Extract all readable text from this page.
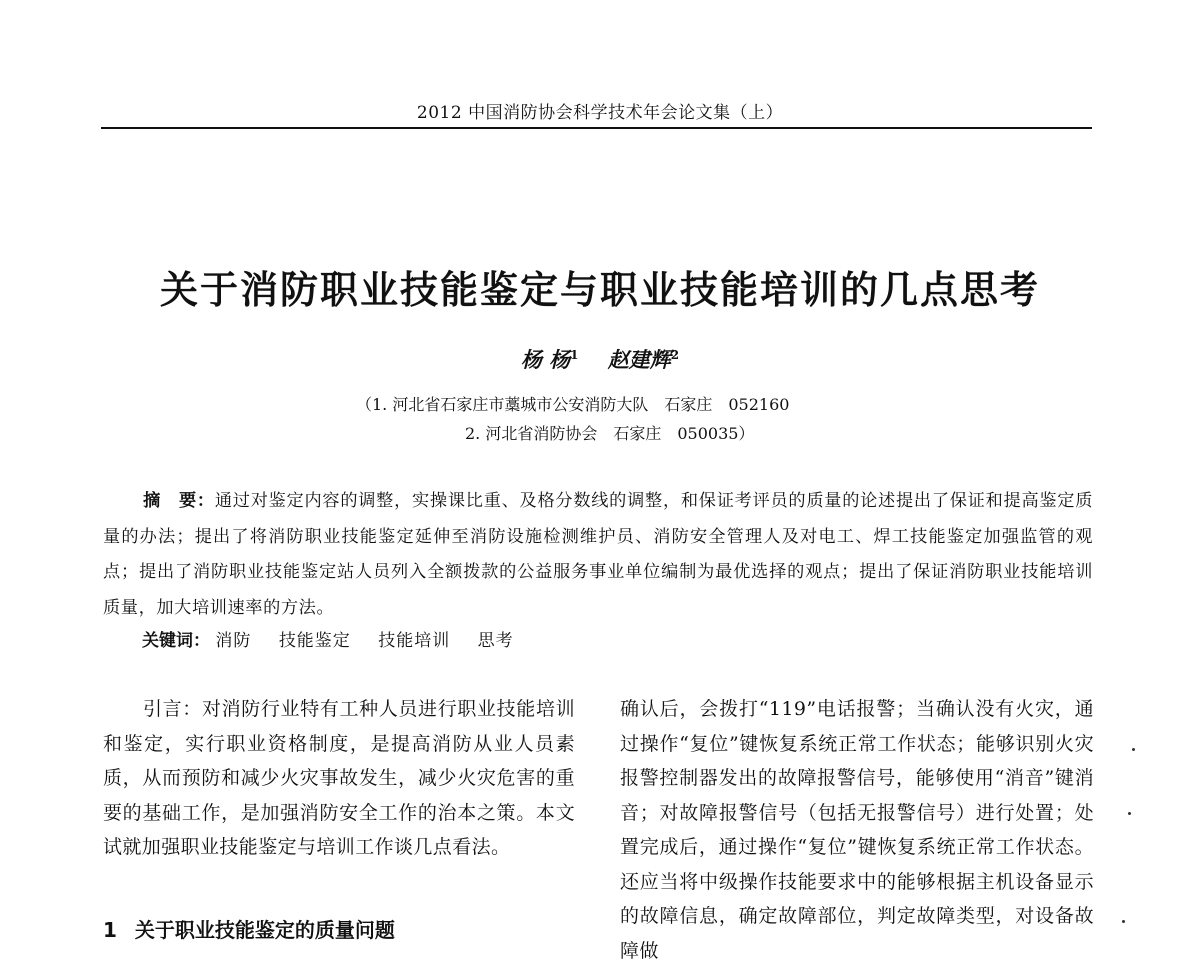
2012 中国消防协会科学技术年会论文集（上）
关于消防职业技能鉴定与职业技能培训的几点思考
杨 杨$^1$ 赵建辉$^2$
（1. 河北省石家庄市藁城市公安消防大队　石家庄　052160
2. 河北省消防协会　石家庄　050035）
摘　要：通过对鉴定内容的调整，实操课比重、及格分数线的调整，和保证考评员的质量的论述提出了保证和提高鉴定质量的办法；提出了将消防职业技能鉴定延伸至消防设施检测维护员、消防安全管理人及对电工、焊工技能鉴定加强监管的观点；提出了消防职业技能鉴定站人员列入全额拨款的公益服务事业单位编制为最优选择的观点；提出了保证消防职业技能培训质量，加大培训速率的方法。
关键词： 消防 技能鉴定 技能培训 思考

引言：对消防行业特有工种人员进行职业技能培训和鉴定，实行职业资格制度，是提高消防从业人员素质，从而预防和减少火灾事故发生，减少火灾危害的重要的基础工作，是加强消防安全工作的治本之策。本文试就加强职业技能鉴定与培训工作谈几点看法。

1 关于职业技能鉴定的质量问题

确认后，会拨打“119”电话报警；当确认没有火灾，通过操作“复位”键恢复系统正常工作状态；能够识别火灾报警控制器发出的故障报警信号，能够使用“消音”键消音；对故障报警信号（包括无报警信号）进行处置；处置完成后，通过操作“复位”键恢复系统正常工作状态。还应当将中级操作技能要求中的能够根据主机设备显示的故障信息，确定故障部位，判定故障类型，对设备故障做
